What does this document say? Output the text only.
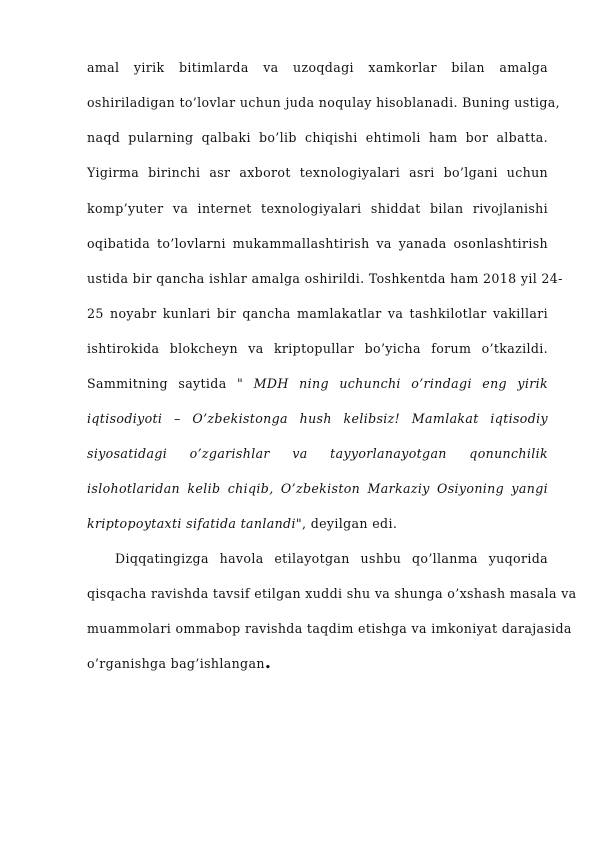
amal yirik bitimlarda va uzoqdagi xamkorlar bilan amalga
oshiriladigan to’lovlar uchun juda noqulay hisoblanadi. Buning ustiga,
naqd pularning qalbaki bo’lib chiqishi ehtimoli ham bor albatta.
Yigirma birinchi asr axborot texnologiyalari asri bo’lgani uchun
komp’yuter va internet texnologiyalari shiddat bilan rivojlanishi
oqibatida to’lovlarni mukammallashtirish va yanada osonlashtirish
ustida bir qancha ishlar amalga oshirildi. Toshkentda ham 2018 yil 24-
25 noyabr kunlari bir qancha mamlakatlar va tashkilotlar vakillari
ishtirokida blokcheyn va kriptopullar bo’yicha forum o’tkazildi.
Sammitning saytida " MDH ning uchunchi o’rindagi eng yirik
iqtisodiyoti – O’zbekistonga hush kelibsiz! Mamlakat iqtisodiy
siyosatidagi o’zgarishlar va tayyorlanayotgan qonunchilik
islohotlaridan kelib chiqib, O’zbekiston Markaziy Osiyoning yangi
kriptopoytaxti sifatida tanlandi", deyilgan edi.
Diqqatingizga havola etilayotgan ushbu qo’llanma yuqorida
qisqacha ravishda tavsif etilgan xuddi shu va shunga o’xshash masala va
muammolari ommabop ravishda taqdim etishga va imkoniyat darajasida
o’rganishga bag’ishlangan.
